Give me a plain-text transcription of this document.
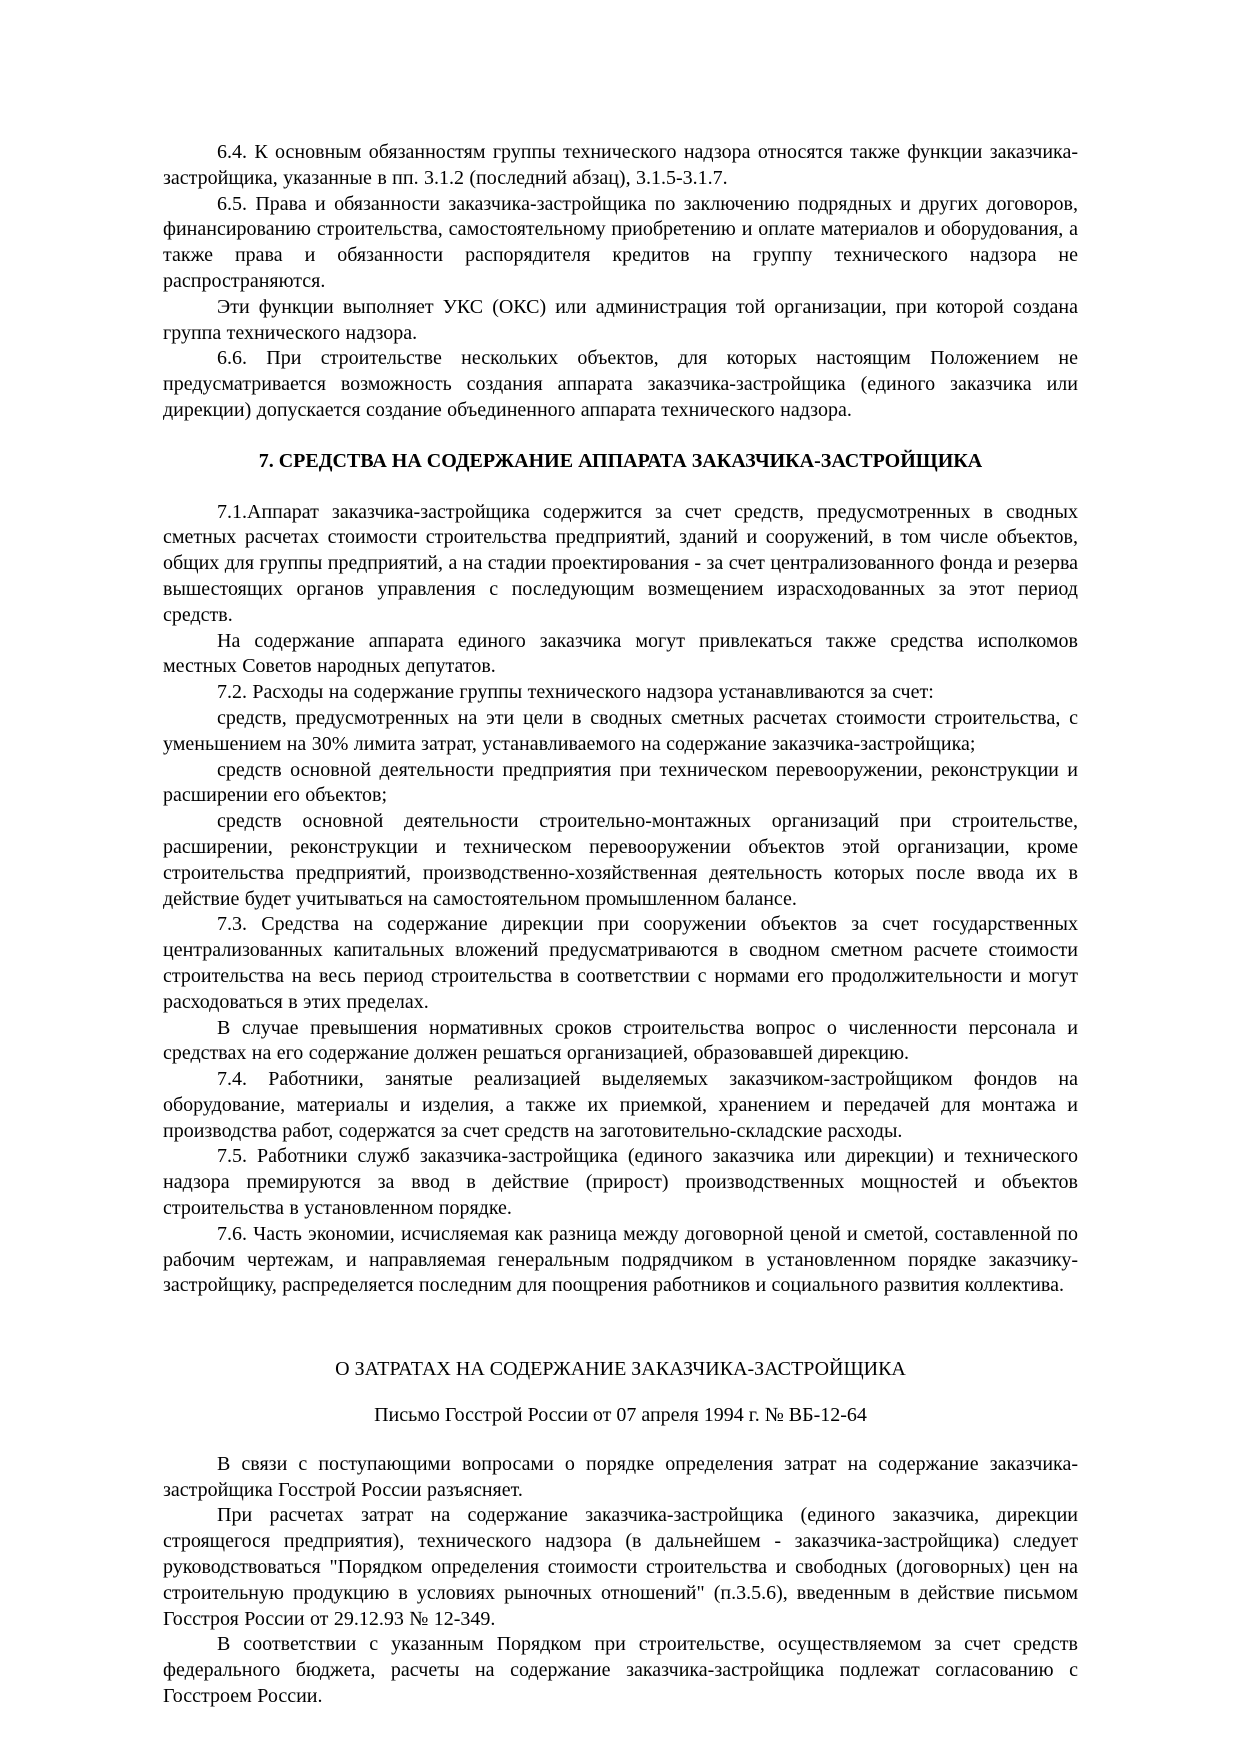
6.4. К основным обязанностям группы технического надзора относятся также функции заказчика-застройщика, указанные в пп. 3.1.2 (последний абзац), 3.1.5-3.1.7.

6.5. Права и обязанности заказчика-застройщика по заключению подрядных и других договоров, финансированию строительства, самостоятельному приобретению и оплате материалов и оборудования, а также права и обязанности распорядителя кредитов на группу технического надзора не распространяются.

Эти функции выполняет УКС (ОКС) или администрация той организации, при которой создана группа технического надзора.

6.6. При строительстве нескольких объектов, для которых настоящим Положением не предусматривается возможность создания аппарата заказчика-застройщика (единого заказчика или дирекции) допускается создание объединенного аппарата технического надзора.

7. СРЕДСТВА НА СОДЕРЖАНИЕ АППАРАТА ЗАКАЗЧИКА-ЗАСТРОЙЩИКА

7.1.Аппарат заказчика-застройщика содержится за счет средств, предусмотренных в сводных сметных расчетах стоимости строительства предприятий, зданий и сооружений, в том числе объектов, общих для группы предприятий, а на стадии проектирования - за счет централизованного фонда и резерва вышестоящих органов управления с последующим возмещением израсходованных за этот период средств.

На содержание аппарата единого заказчика могут привлекаться также средства исполкомов местных Советов народных депутатов.

7.2. Расходы на содержание группы технического надзора устанавливаются за счет:

средств, предусмотренных на эти цели в сводных сметных расчетах стоимости строительства, с уменьшением на 30% лимита затрат, устанавливаемого на содержание заказчика-застройщика;

средств основной деятельности предприятия при техническом перевооружении, реконструкции и расширении его объектов;

средств основной деятельности строительно-монтажных организаций при строительстве, расширении, реконструкции и техническом перевооружении объектов этой организации, кроме строительства предприятий, производственно-хозяйственная деятельность которых после ввода их в действие будет учитываться на самостоятельном промышленном балансе.

7.3. Средства на содержание дирекции при сооружении объектов за счет государственных централизованных капитальных вложений предусматриваются в сводном сметном расчете стоимости строительства на весь период строительства в соответствии с нормами его продолжительности и могут расходоваться в этих пределах.

В случае превышения нормативных сроков строительства вопрос о численности персонала и средствах на его содержание должен решаться организацией, образовавшей дирекцию.

7.4. Работники, занятые реализацией выделяемых заказчиком-застройщиком фондов на оборудование, материалы и изделия, а также их приемкой, хранением и передачей для монтажа и производства работ, содержатся за счет средств на заготовительно-складские расходы.

7.5. Работники служб заказчика-застройщика (единого заказчика или дирекции) и технического надзора премируются за ввод в действие (прирост) производственных мощностей и объектов строительства в установленном порядке.

7.6. Часть экономии, исчисляемая как разница между договорной ценой и сметой, составленной по рабочим чертежам, и направляемая генеральным подрядчиком в установленном порядке заказчику-застройщику, распределяется последним для поощрения работников и социального развития коллектива.

О ЗАТРАТАХ НА СОДЕРЖАНИЕ ЗАКАЗЧИКА-ЗАСТРОЙЩИКА

Письмо Госстрой России от 07 апреля 1994 г. № ВБ-12-64

В связи с поступающими вопросами о порядке определения затрат на содержание заказчика-застройщика Госстрой России разъясняет.

При расчетах затрат на содержание заказчика-застройщика (единого заказчика, дирекции строящегося предприятия), технического надзора (в дальнейшем - заказчика-застройщика) следует руководствоваться "Порядком определения стоимости строительства и свободных (договорных) цен на строительную продукцию в условиях рыночных отношений" (п.3.5.6), введенным в действие письмом Госстроя России от 29.12.93 № 12-349.

В соответствии с указанным Порядком при строительстве, осуществляемом за счет средств федерального бюджета, расчеты на содержание заказчика-застройщика подлежат согласованию с Госстроем России.
